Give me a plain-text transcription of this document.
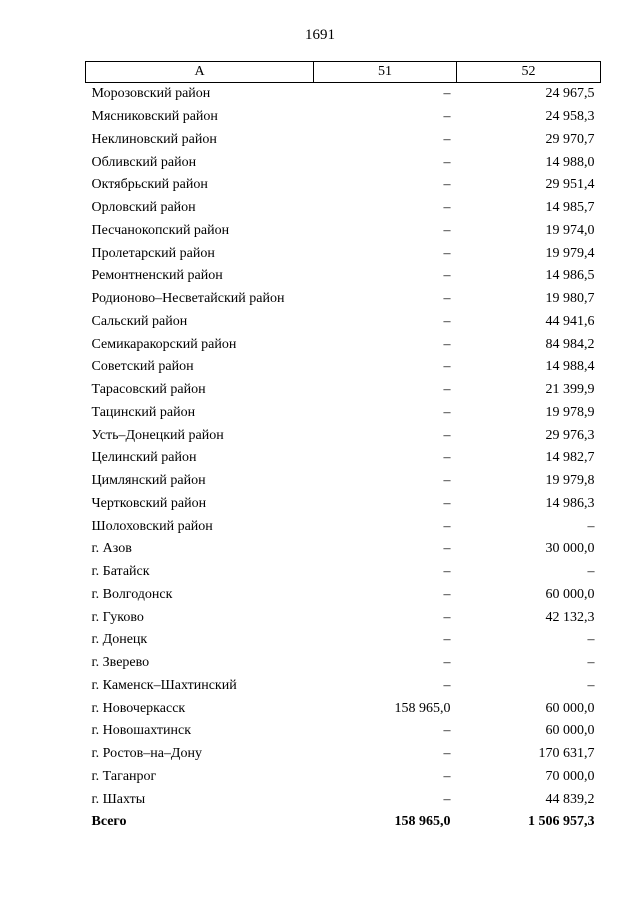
1691
А	51	52
Морозовский район	–	24 967,5
Мясниковский район	–	24 958,3
Неклиновский район	–	29 970,7
Обливский район	–	14 988,0
Октябрьский район	–	29 951,4
Орловский район	–	14 985,7
Песчанокопский район	–	19 974,0
Пролетарский район	–	19 979,4
Ремонтненский район	–	14 986,5
Родионово–Несветайский район	–	19 980,7
Сальский район	–	44 941,6
Семикаракорский район	–	84 984,2
Советский район	–	14 988,4
Тарасовский район	–	21 399,9
Тацинский район	–	19 978,9
Усть–Донецкий район	–	29 976,3
Целинский район	–	14 982,7
Цимлянский район	–	19 979,8
Чертковский район	–	14 986,3
Шолоховский район	–	–
г. Азов	–	30 000,0
г. Батайск	–	–
г. Волгодонск	–	60 000,0
г. Гуково	–	42 132,3
г. Донецк	–	–
г. Зверево	–	–
г. Каменск–Шахтинский	–	–
г. Новочеркасск	158 965,0	60 000,0
г. Новошахтинск	–	60 000,0
г. Ростов–на–Дону	–	170 631,7
г. Таганрог	–	70 000,0
г. Шахты	–	44 839,2
Всего	158 965,0	1 506 957,3
